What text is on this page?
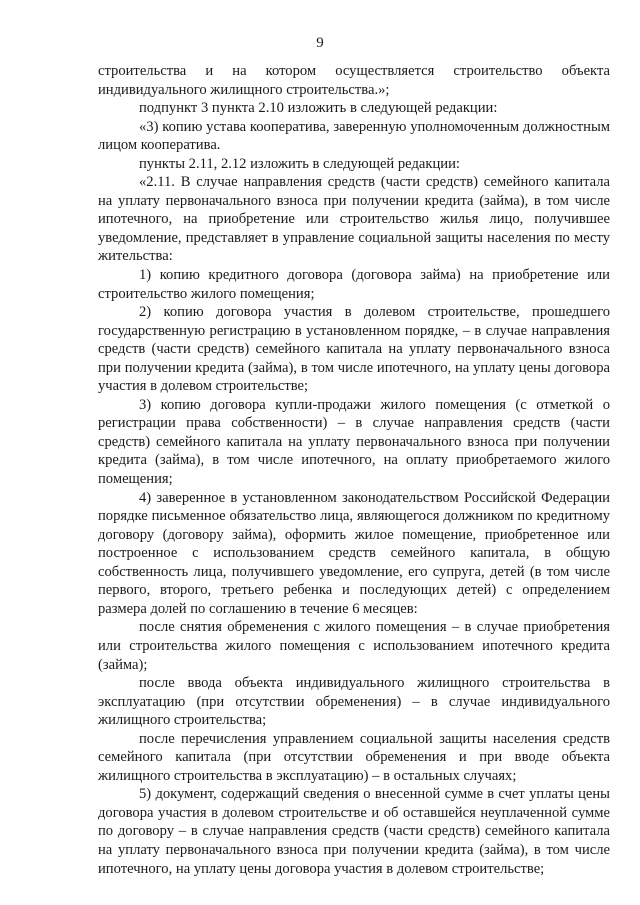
9

строительства и на котором осуществляется строительство объекта индивидуального жилищного строительства.»;

подпункт 3 пункта 2.10 изложить в следующей редакции:

«3) копию устава кооператива, заверенную уполномоченным должностным лицом кооператива.

пункты 2.11, 2.12 изложить в следующей редакции:

«2.11. В случае направления средств (части средств) семейного капитала на уплату первоначального взноса при получении кредита (займа), в том числе ипотечного, на приобретение или строительство жилья лицо, получившее уведомление, представляет в управление социальной защиты населения по месту жительства:

1) копию кредитного договора (договора займа) на приобретение или строительство жилого помещения;

2) копию договора участия в долевом строительстве, прошедшего государственную регистрацию в установленном порядке, – в случае направления средств (части средств) семейного капитала на уплату первоначального взноса при получении кредита (займа), в том числе ипотечного, на уплату цены договора участия в долевом строительстве;

3) копию договора купли-продажи жилого помещения (с отметкой о регистрации права собственности) – в случае направления средств (части средств) семейного капитала на уплату первоначального взноса при получении кредита (займа), в том числе ипотечного, на оплату приобретаемого жилого помещения;

4) заверенное в установленном законодательством Российской Федерации порядке письменное обязательство лица, являющегося должником по кредитному договору (договору займа), оформить жилое помещение, приобретенное или построенное с использованием средств семейного капитала, в общую собственность лица, получившего уведомление, его супруга, детей (в том числе первого, второго, третьего ребенка и последующих детей) с определением размера долей по соглашению в течение 6 месяцев:

после снятия обременения с жилого помещения – в случае приобретения или строительства жилого помещения с использованием ипотечного кредита (займа);

после ввода объекта индивидуального жилищного строительства в эксплуатацию (при отсутствии обременения) – в случае индивидуального жилищного строительства;

после перечисления управлением социальной защиты населения средств семейного капитала (при отсутствии обременения и при вводе объекта жилищного строительства в эксплуатацию) – в остальных случаях;

5) документ, содержащий сведения о внесенной сумме в счет уплаты цены договора участия в долевом строительстве и об оставшейся неуплаченной сумме по договору – в случае направления средств (части средств) семейного капитала на уплату первоначального взноса при получении кредита (займа), в том числе ипотечного, на уплату цены договора участия в долевом строительстве;
